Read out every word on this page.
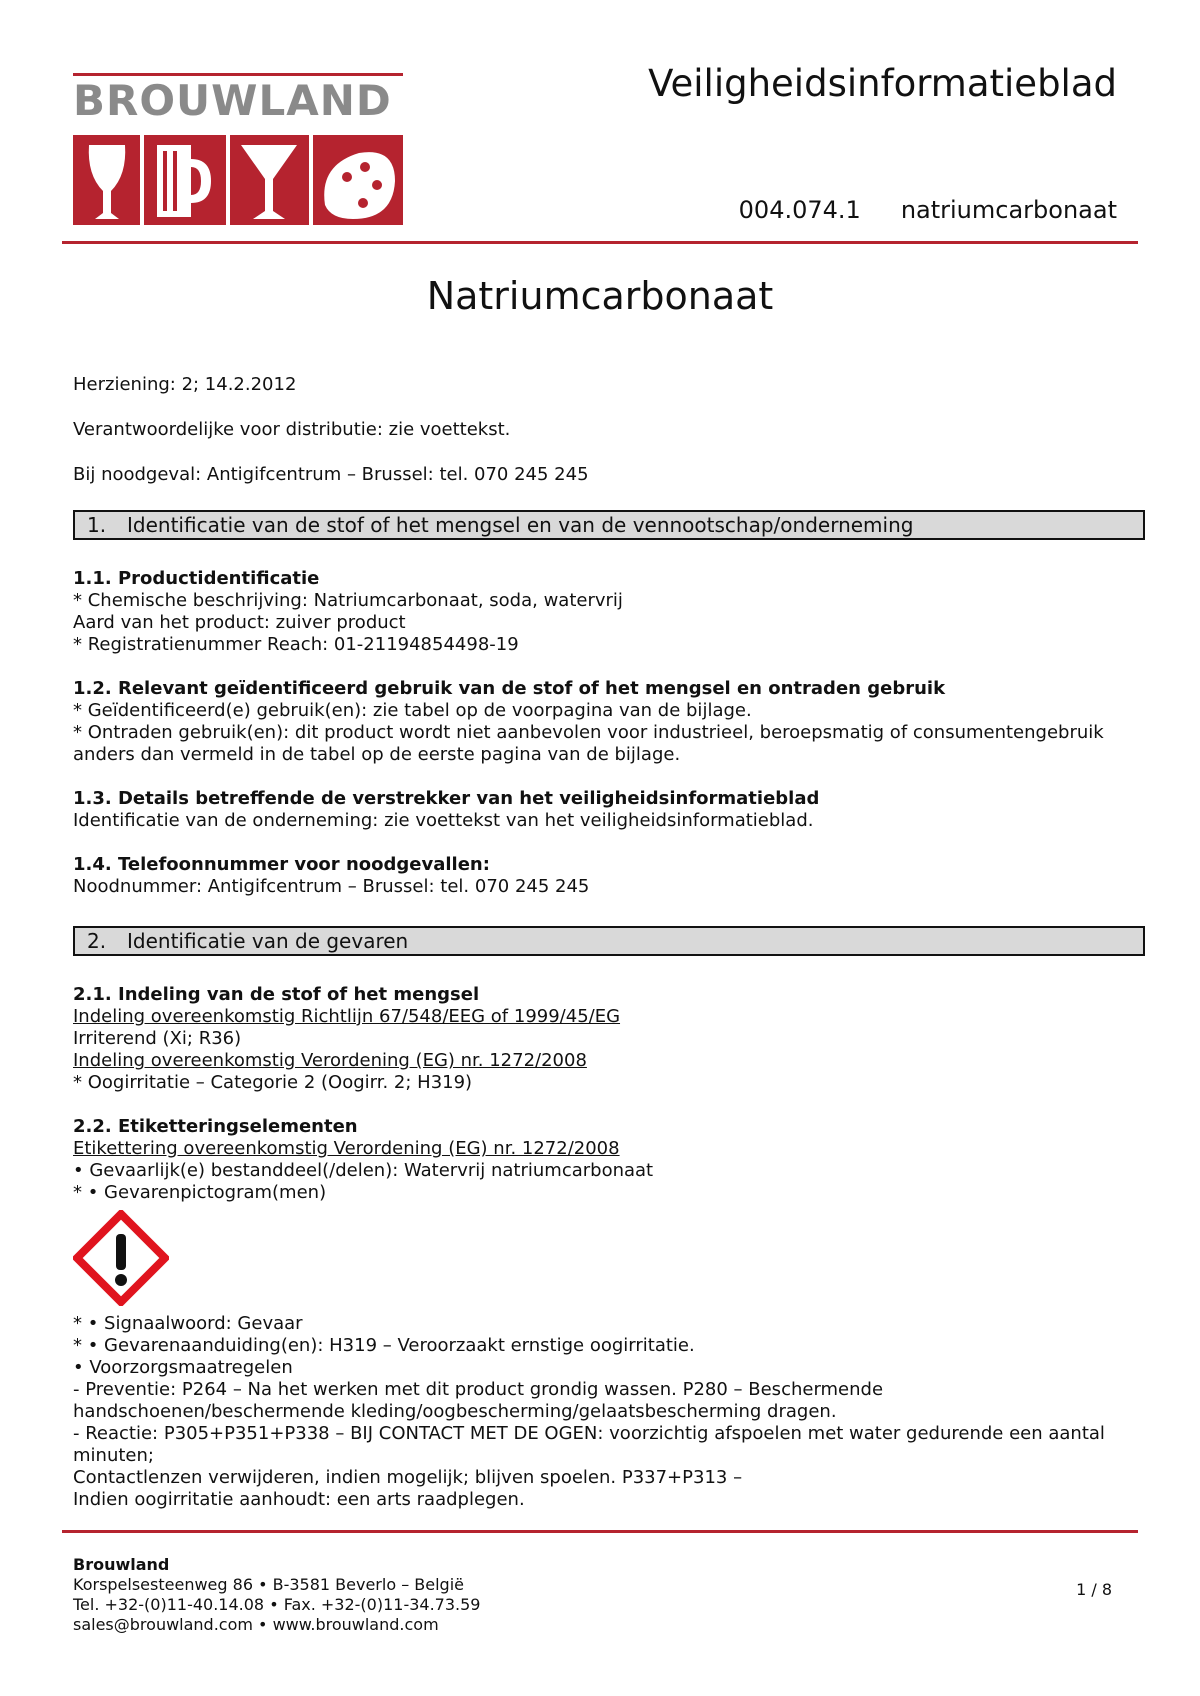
BROUWLAND	Veiligheidsinformatieblad
004.074.1 natriumcarbonaat
Natriumcarbonaat
Herziening: 2; 14.2.2012
Verantwoordelijke voor distributie: zie voettekst.
Bij noodgeval: Antigifcentrum – Brussel: tel. 070 245 245
1. Identificatie van de stof of het mengsel en van de vennootschap/onderneming
1.1. Productidentificatie

* Chemische beschrijving: Natriumcarbonaat, soda, watervrij

Aard van het product: zuiver product

* Registratienummer Reach: 01-21194854498-19

1.2. Relevant geïdentificeerd gebruik van de stof of het mengsel en ontraden gebruik

* Geïdentificeerd(e) gebruik(en): zie tabel op de voorpagina van de bijlage.

* Ontraden gebruik(en): dit product wordt niet aanbevolen voor industrieel, beroepsmatig of consumentengebruik anders dan vermeld in de tabel op de eerste pagina van de bijlage.

1.3. Details betreffende de verstrekker van het veiligheidsinformatieblad

Identificatie van de onderneming: zie voettekst van het veiligheidsinformatieblad.

1.4. Telefoonnummer voor noodgevallen:

Noodnummer: Antigifcentrum – Brussel: tel. 070 245 245

2. Identificatie van de gevaren
2.1. Indeling van de stof of het mengsel

Indeling overeenkomstig Richtlijn 67/548/EEG of 1999/45/EG

Irriterend (Xi; R36)

Indeling overeenkomstig Verordening (EG) nr. 1272/2008

* Oogirritatie – Categorie 2 (Oogirr. 2; H319)

2.2. Etiketteringselementen

Etikettering overeenkomstig Verordening (EG) nr. 1272/2008

• Gevaarlijk(e) bestanddeel(/delen): Watervrij natriumcarbonaat

* • Gevarenpictogram(men)

* • Signaalwoord: Gevaar

* • Gevarenaanduiding(en): H319 – Veroorzaakt ernstige oogirritatie.

• Voorzorgsmaatregelen

- Preventie: P264 – Na het werken met dit product grondig wassen. P280 – Beschermende handschoenen/beschermende kleding/oogbescherming/gelaatsbescherming dragen.

- Reactie: P305+P351+P338 – BIJ CONTACT MET DE OGEN: voorzichtig afspoelen met water gedurende een aantal minuten;

Contactlenzen verwijderen, indien mogelijk; blijven spoelen. P337+P313 –

Indien oogirritatie aanhoudt: een arts raadplegen.

Brouwland
Korspelsesteenweg 86 • B-3581 Beverlo – België
Tel. +32-(0)11-40.14.08 • Fax. +32-(0)11-34.73.59
sales@brouwland.com • www.brouwland.com
1 / 8
